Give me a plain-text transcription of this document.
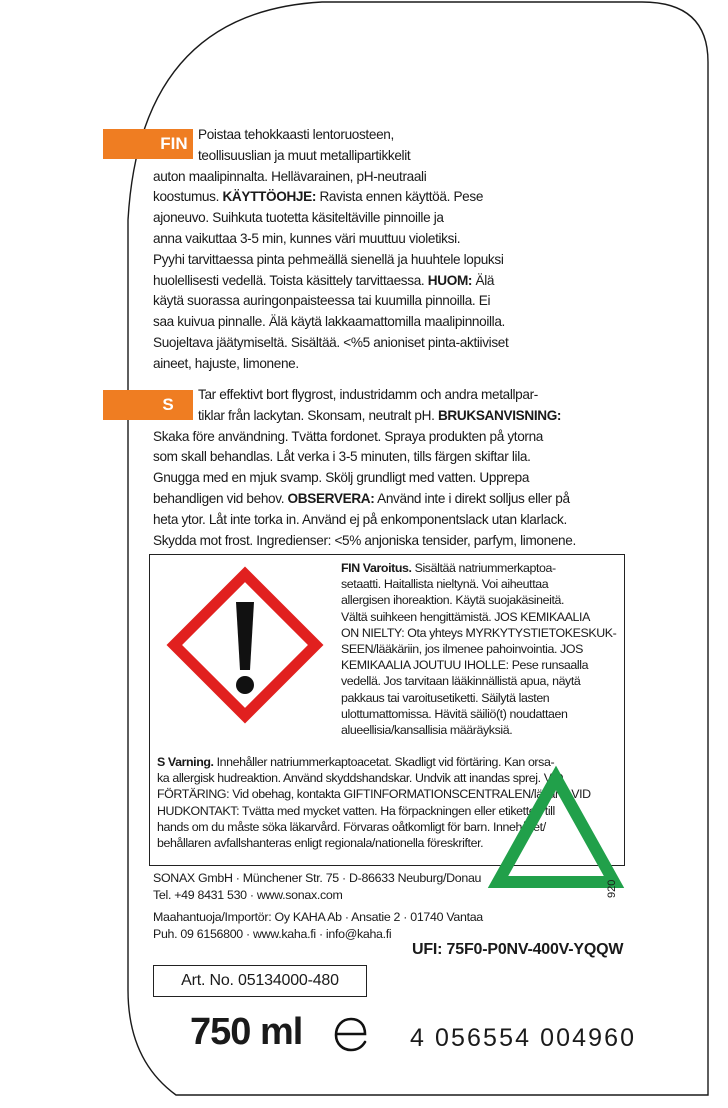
FIN Poistaa tehokkaasti lentoruosteen,
teollisuuslian ja muut metallipartikkelit
auton maalipinnalta. Hellävarainen, pH-neutraali
koostumus. KÄYTTÖOHJE: Ravista ennen käyttöä. Pese
ajoneuvo. Suihkuta tuotetta käsiteltäville pinnoille ja
anna vaikuttaa 3-5 min, kunnes väri muuttuu violetiksi.
Pyyhi tarvittaessa pinta pehmeällä sienellä ja huuhtele lopuksi
huolellisesti vedellä. Toista käsittely tarvittaessa. HUOM: Älä
käytä suorassa auringonpaisteessa tai kuumilla pinnoilla. Ei
saa kuivua pinnalle. Älä käytä lakkaamattomilla maalipinnoilla.
Suojeltava jäätymiseltä. Sisältää. <%5 anioniset pinta-aktiiviset
aineet, hajuste, limonene.
S
Tar effektivt bort flygrost, industridamm och andra metallpar-
tiklar från lackytan. Skonsam, neutralt pH. BRUKSANVISNING:
Skaka före användning. Tvätta fordonet. Spraya produkten på ytorna
som skall behandlas. Låt verka i 3-5 minuten, tills färgen skiftar lila.
Gnugga med en mjuk svamp. Skölj grundligt med vatten. Upprepa
behandligen vid behov. OBSERVERA: Använd inte i direkt solljus eller på
heta ytor. Låt inte torka in. Använd ej på enkomponentslack utan klarlack.
Skydda mot frost. Ingredienser: <5% anjoniska tensider, parfym, limonene.
FIN Varoitus. Sisältää natriummerkaptoa-
setaatti. Haitallista nieltynä. Voi aiheuttaa
allergisen ihoreaktion. Käytä suojakäsineitä.
Vältä suihkeen hengittämistä. JOS KEMIKAALIA
ON NIELTY: Ota yhteys MYRKYTYSTIETOKESKUK-
SEEN/lääkäriin, jos ilmenee pahoinvointia. JOS
KEMIKAALIA JOUTUU IHOLLE: Pese runsaalla
vedellä. Jos tarvitaan lääkinnällistä apua, näytä
pakkaus tai varoitusetiketti. Säilytä lasten
ulottumattomissa. Hävitä säiliö(t) noudattaen
alueellisia/kansallisia määräyksiä.
S Varning. Innehåller natriummerkaptoacetat. Skadligt vid förtäring. Kan orsa-
ka allergisk hudreaktion. Använd skyddshandskar. Undvik att inandas sprej. VID
FÖRTÄRING: Vid obehag, kontakta GIFTINFORMATIONSCENTRALEN/läkare. VID
HUDKONTAKT: Tvätta med mycket vatten. Ha förpackningen eller etiketten till
hands om du måste söka läkarvård. Förvaras oåtkomligt för barn. Innehållet/
behållaren avfallshanteras enligt regionala/nationella föreskrifter.
SONAX GmbH · Münchener Str. 75 · D-86633 Neuburg/Donau
Tel. +49 8431 530 · www.sonax.com
Maahantuoja/Importör: Oy KAHA Ab · Ansatie 2 · 01740 Vantaa
Puh. 09 6156800 · www.kaha.fi · info@kaha.fi
920
UFI: 75F0-P0NV-400V-YQQW
Art. No. 05134000-480
750 ml	4 056554 004960
